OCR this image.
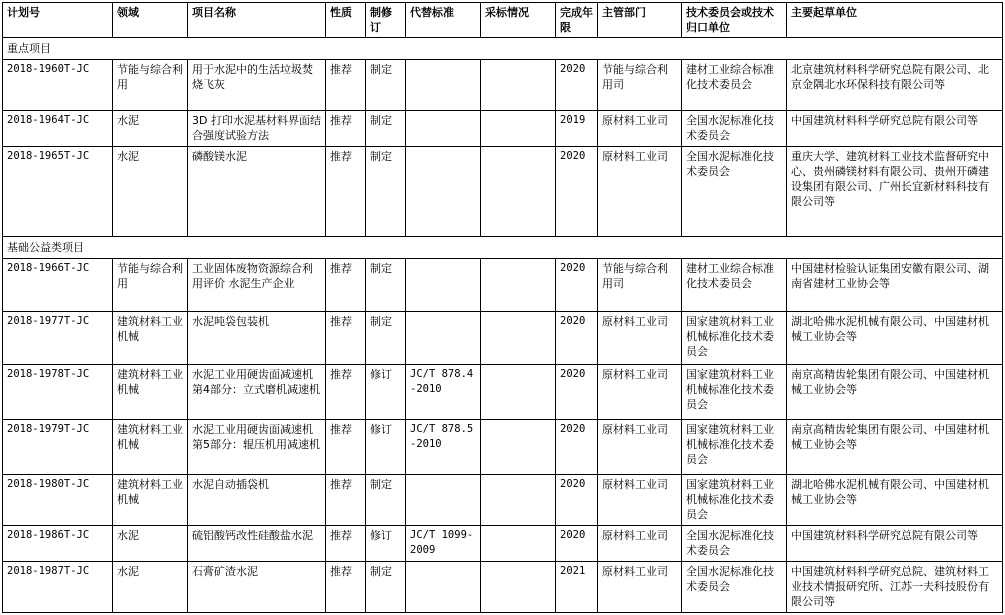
计划号	领域	项目名称	性质	制修订	代替标准	采标情况	完成年限	主管部门	技术委员会或技术归口单位	主要起草单位
重点项目										
2018-1960T-JC	节能与综合利用	用于水泥中的生活垃圾焚烧飞灰	推荐	制定			2020	节能与综合利用司	建材工业综合标准化技术委员会	北京建筑材料科学研究总院有限公司、北京金隅北水环保科技有限公司等
2018-1964T-JC	水泥	3D 打印水泥基材料界面结合强度试验方法	推荐	制定			2019	原材料工业司	全国水泥标准化技术委员会	中国建筑材料科学研究总院有限公司等
2018-1965T-JC	水泥	磷酸镁水泥	推荐	制定			2020	原材料工业司	全国水泥标准化技术委员会	重庆大学、建筑材料工业技术监督研究中心、贵州磷镁材料有限公司、贵州开磷建设集团有限公司、广州长宜新材料科技有限公司等
基础公益类项目										
2018-1966T-JC	节能与综合利用	工业固体废物资源综合利用评价 水泥生产企业	推荐	制定			2020	节能与综合利用司	建材工业综合标准化技术委员会	中国建材检验认证集团安徽有限公司、湖南省建材工业协会等
2018-1977T-JC	建筑材料工业机械	水泥吨袋包装机	推荐	制定			2020	原材料工业司	国家建筑材料工业机械标准化技术委员会	湖北哈佛水泥机械有限公司、中国建材机械工业协会等
2018-1978T-JC	建筑材料工业机械	水泥工业用硬齿面减速机 第4部分：立式磨机减速机	推荐	修订	JC/T 878.4-2010		2020	原材料工业司	国家建筑材料工业机械标准化技术委员会	南京高精齿轮集团有限公司、中国建材机械工业协会等
2018-1979T-JC	建筑材料工业机械	水泥工业用硬齿面减速机 第5部分：辊压机用减速机	推荐	修订	JC/T 878.5-2010		2020	原材料工业司	国家建筑材料工业机械标准化技术委员会	南京高精齿轮集团有限公司、中国建材机械工业协会等
2018-1980T-JC	建筑材料工业机械	水泥自动插袋机	推荐	制定			2020	原材料工业司	国家建筑材料工业机械标准化技术委员会	湖北哈佛水泥机械有限公司、中国建材机械工业协会等
2018-1986T-JC	水泥	硫铝酸钙改性硅酸盐水泥	推荐	修订	JC/T 1099-2009		2020	原材料工业司	全国水泥标准化技术委员会	中国建筑材料科学研究总院有限公司等
2018-1987T-JC	水泥	石膏矿渣水泥	推荐	制定			2021	原材料工业司	全国水泥标准化技术委员会	中国建筑材料科学研究总院、建筑材料工业技术情报研究所、江苏一夫科技股份有限公司等
